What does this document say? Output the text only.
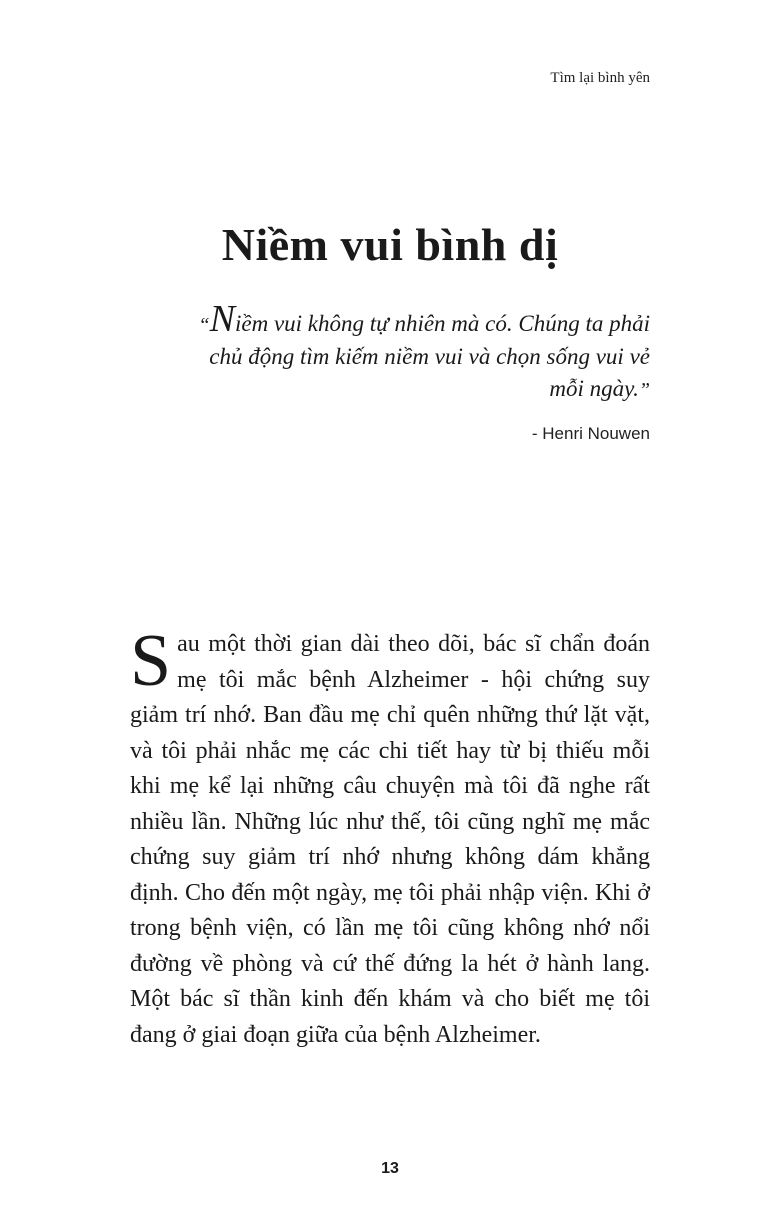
Tìm lại bình yên
Niềm vui bình dị
“Niềm vui không tự nhiên mà có. Chúng ta phải chủ động tìm kiếm niềm vui và chọn sống vui vẻ mỗi ngày.”
- Henri Nouwen

Sau một thời gian dài theo dõi, bác sĩ chẩn đoán mẹ tôi mắc bệnh Alzheimer - hội chứng suy giảm trí nhớ. Ban đầu mẹ chỉ quên những thứ lặt vặt, và tôi phải nhắc mẹ các chi tiết hay từ bị thiếu mỗi khi mẹ kể lại những câu chuyện mà tôi đã nghe rất nhiều lần. Những lúc như thế, tôi cũng nghĩ mẹ mắc chứng suy giảm trí nhớ nhưng không dám khẳng định. Cho đến một ngày, mẹ tôi phải nhập viện. Khi ở trong bệnh viện, có lần mẹ tôi cũng không nhớ nổi đường về phòng và cứ thế đứng la hét ở hành lang. Một bác sĩ thần kinh đến khám và cho biết mẹ tôi đang ở giai đoạn giữa của bệnh Alzheimer.

13
